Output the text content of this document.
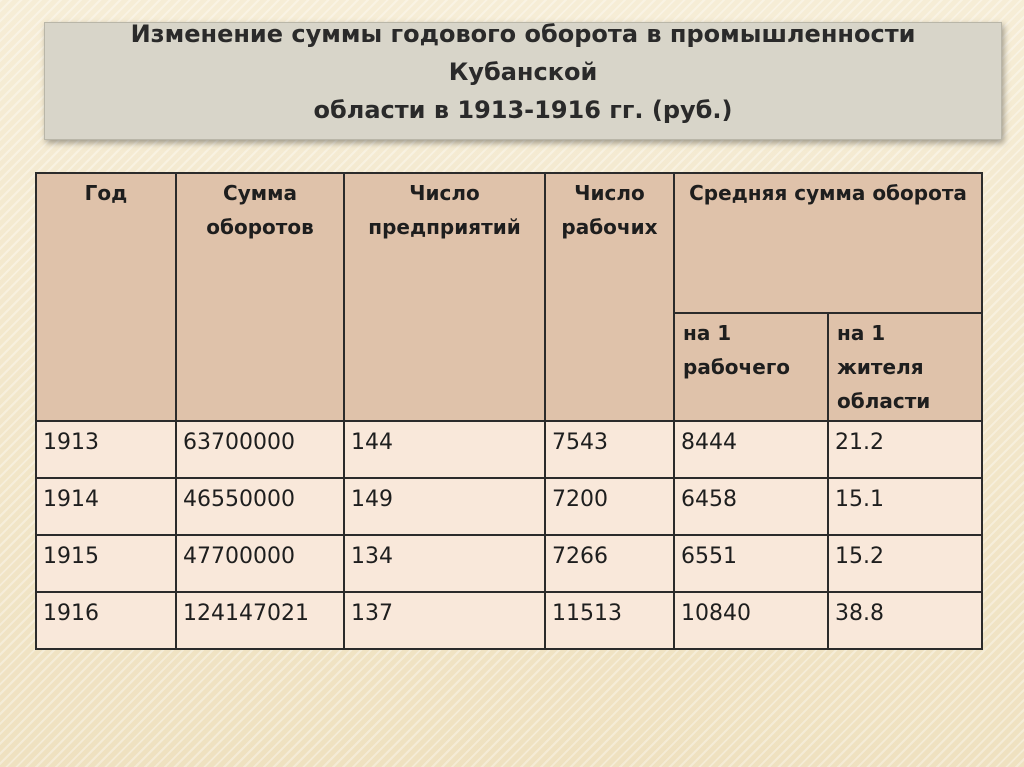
Изменение суммы годового оборота в промышленности Кубанской
области в 1913-1916 гг. (руб.)
Год	Сумма оборотов	Число предприятий	Число рабочих	Средняя сумма оборота	
				на 1 рабочего	на 1 жителя области
1913	63700000	144	7543	8444	21.2
1914	46550000	149	7200	6458	15.1
1915	47700000	134	7266	6551	15.2
1916	124147021	137	11513	10840	38.8
